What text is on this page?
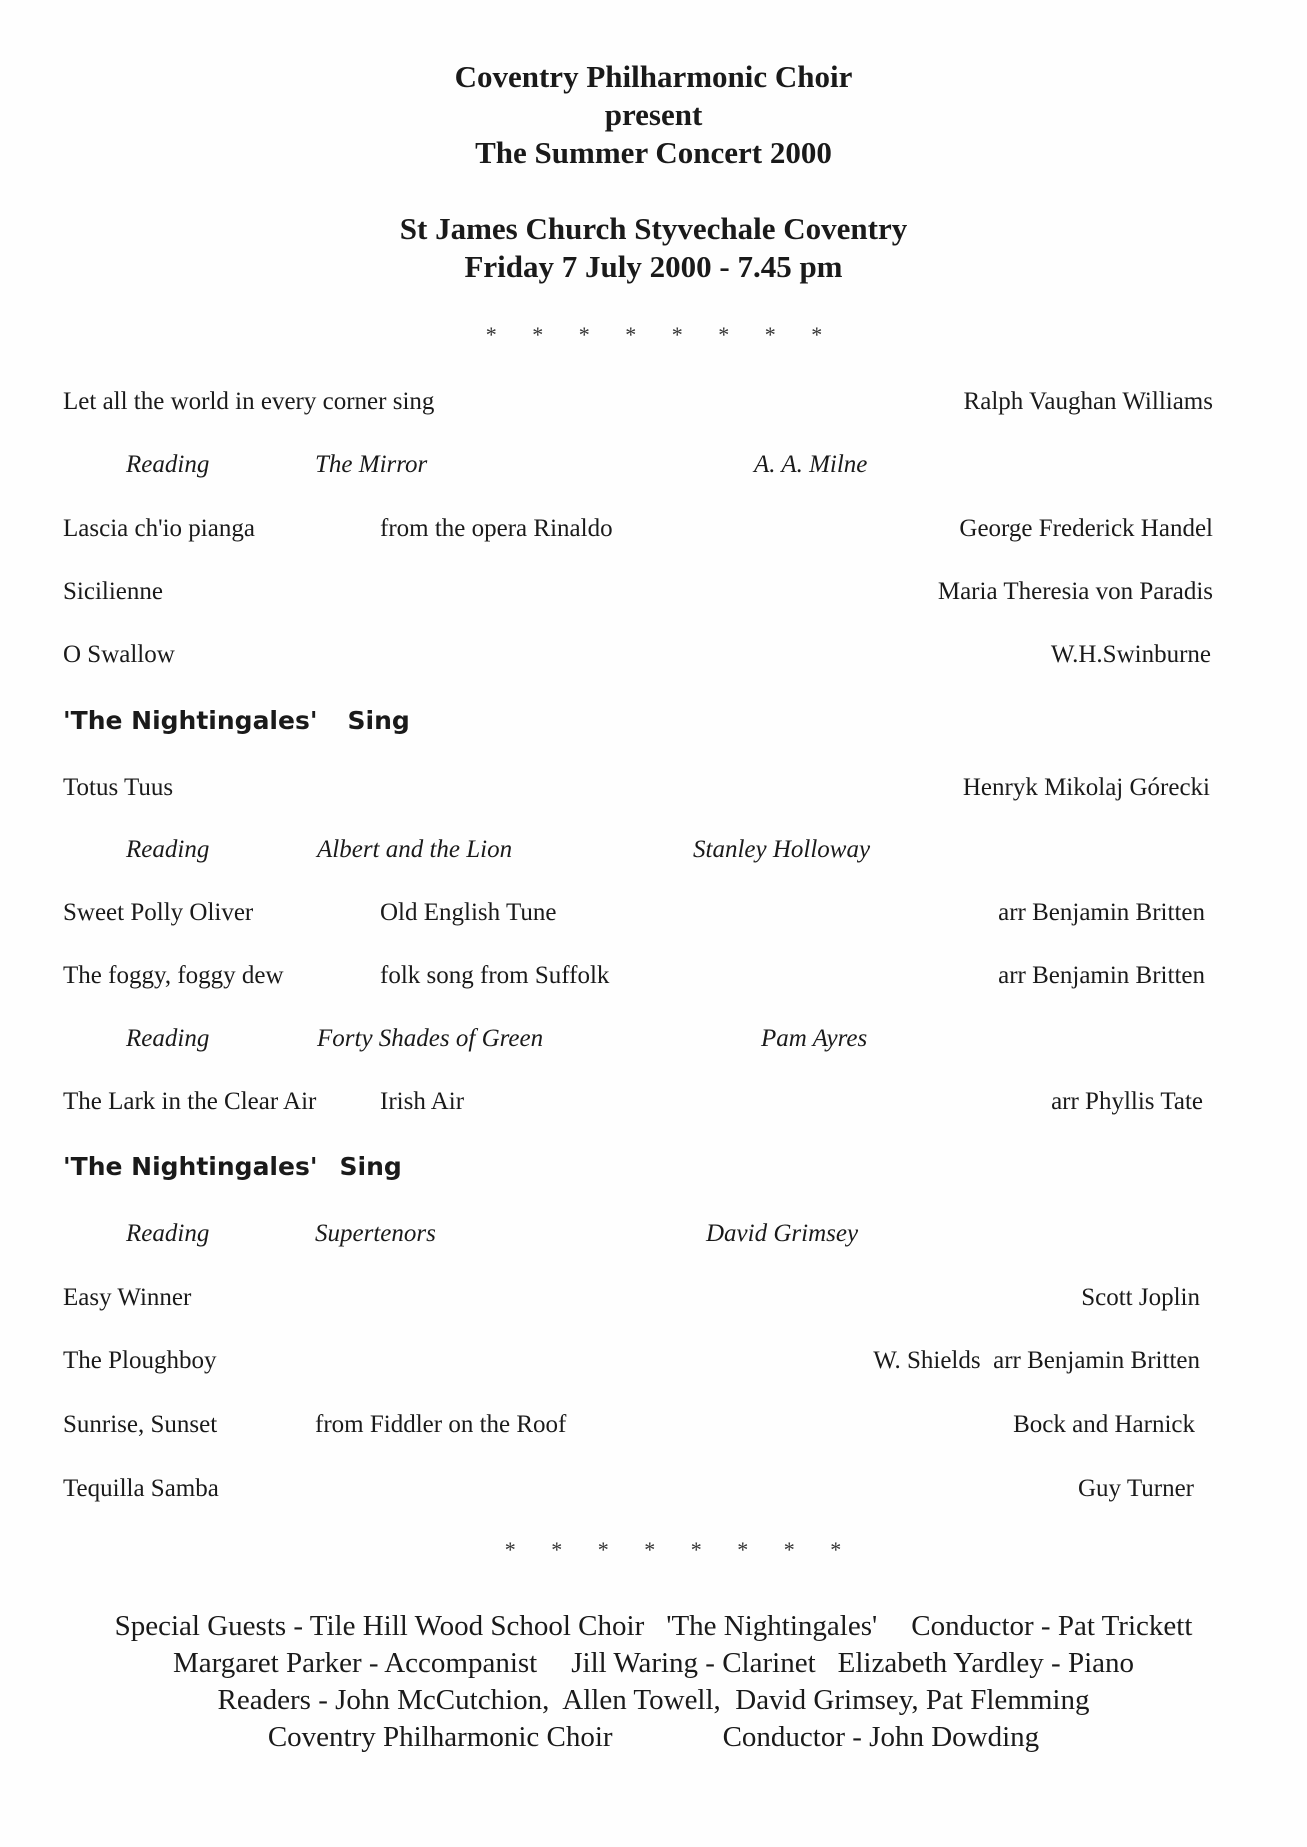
Coventry Philharmonic Choir
present
The Summer Concert 2000
St James Church Styvechale Coventry
Friday 7 July 2000 - 7.45 pm
* * * * * * * *
Let all the world in every corner sing	Ralph Vaughan Williams
Reading	The Mirror	A. A. Milne
Lascia ch'io pianga	from the opera Rinaldo	George Frederick Handel
Sicilienne	Maria Theresia von Paradis
O Swallow	W.H.Swinburne
'The Nightingales' Sing
Totus Tuus	Henryk Mikolaj Górecki
Reading	Albert and the Lion	Stanley Holloway
Sweet Polly Oliver	Old English Tune	arr Benjamin Britten
The foggy, foggy dew	folk song from Suffolk	arr Benjamin Britten
Reading	Forty Shades of Green	Pam Ayres
The Lark in the Clear Air	Irish Air	arr Phyllis Tate
'The Nightingales' Sing
Reading	Supertenors	David Grimsey
Easy Winner	Scott Joplin
The Ploughboy	W. Shields  arr Benjamin Britten
Sunrise, Sunset	from Fiddler on the Roof	Bock and Harnick
Tequilla Samba	Guy Turner
* * * * * * * *
Special Guests - Tile Hill Wood School Choir 'The Nightingales' Conductor - Pat Trickett
Margaret Parker - Accompanist Jill Waring - Clarinet Elizabeth Yardley - Piano
Readers - John McCutchion,  Allen Towell,  David Grimsey, Pat Flemming
Coventry Philharmonic Choir	Conductor - John Dowding
